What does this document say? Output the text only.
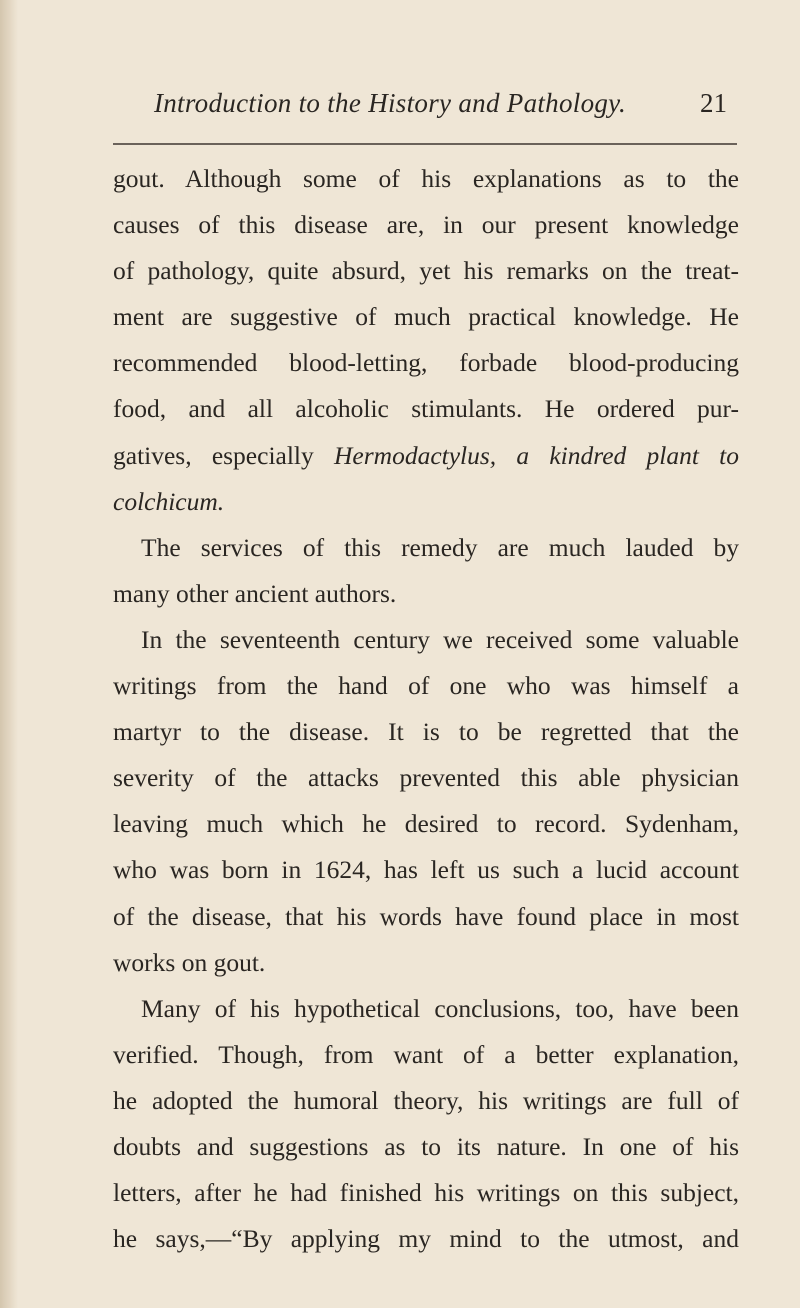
Introduction to the History and Pathology.	21
gout. Although some of his explanations as to the
causes of this disease are, in our present knowledge
of pathology, quite absurd, yet his remarks on the treat-
ment are suggestive of much practical knowledge. He
recommended blood-letting, forbade blood-producing
food, and all alcoholic stimulants. He ordered pur-
gatives, especially Hermodactylus, a kindred plant to
colchicum.
The services of this remedy are much lauded by
many other ancient authors.
In the seventeenth century we received some valuable
writings from the hand of one who was himself a
martyr to the disease. It is to be regretted that the
severity of the attacks prevented this able physician
leaving much which he desired to record. Sydenham,
who was born in 1624, has left us such a lucid account
of the disease, that his words have found place in most
works on gout.
Many of his hypothetical conclusions, too, have been
verified. Though, from want of a better explanation,
he adopted the humoral theory, his writings are full of
doubts and suggestions as to its nature. In one of his
letters, after he had finished his writings on this subject,
he says,—“By applying my mind to the utmost, and
